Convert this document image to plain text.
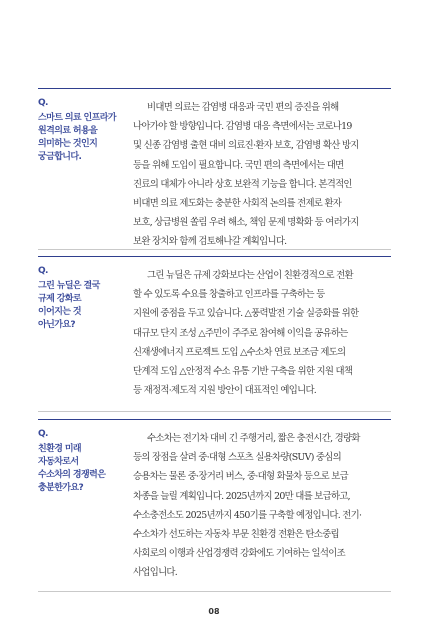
Q.
스마트 의료 인프라가
원격의료 허용을
의미하는 것인지
궁금합니다.
비대면 의료는 감염병 대응과 국민 편의 증진을 위해
나아가야 할 방향입니다. 감염병 대응 측면에서는 코로나19
및 신종 감염병 출현 대비 의료진·환자 보호, 감염병 확산 방지
등을 위해 도입이 필요합니다. 국민 편의 측면에서는 대면
진료의 대체가 아니라 상호 보완적 기능을 합니다. 본격적인
비대면 의료 제도화는 충분한 사회적 논의를 전제로 환자
보호, 상급병원 쏠림 우려 해소, 책임 문제 명확화 등 여러가지
보완 장치와 함께 검토해나갈 계획입니다.
Q.
그린 뉴딜은 결국
규제 강화로
이어지는 것
아닌가요?
그린 뉴딜은 규제 강화보다는 산업이 친환경적으로 전환
할 수 있도록 수요를 창출하고 인프라를 구축하는 등
지원에 중점을 두고 있습니다. △풍력발전 기술 실증화를 위한
대규모 단지 조성 △주민이 주주로 참여해 이익을 공유하는
신재생에너지 프로젝트 도입 △수소차 연료 보조금 제도의
단계적 도입 △안정적 수소 유통 기반 구축을 위한 지원 대책
등 재정적·제도적 지원 방안이 대표적인 예입니다.
Q.
친환경 미래
자동차로서
수소차의 경쟁력은
충분한가요?
수소차는 전기차 대비 긴 주행거리, 짧은 충전시간, 경량화
등의 장점을 살려 중·대형 스포츠 실용차량(SUV) 중심의
승용차는 물론 중·장거리 버스, 중·대형 화물차 등으로 보급
차종을 늘릴 계획입니다. 2025년까지 20만 대를 보급하고,
수소충전소도 2025년까지 450기를 구축할 예정입니다. 전기·
수소차가 선도하는 자동차 부문 친환경 전환은 탄소중립
사회로의 이행과 산업경쟁력 강화에도 기여하는 일석이조
사업입니다.
08
